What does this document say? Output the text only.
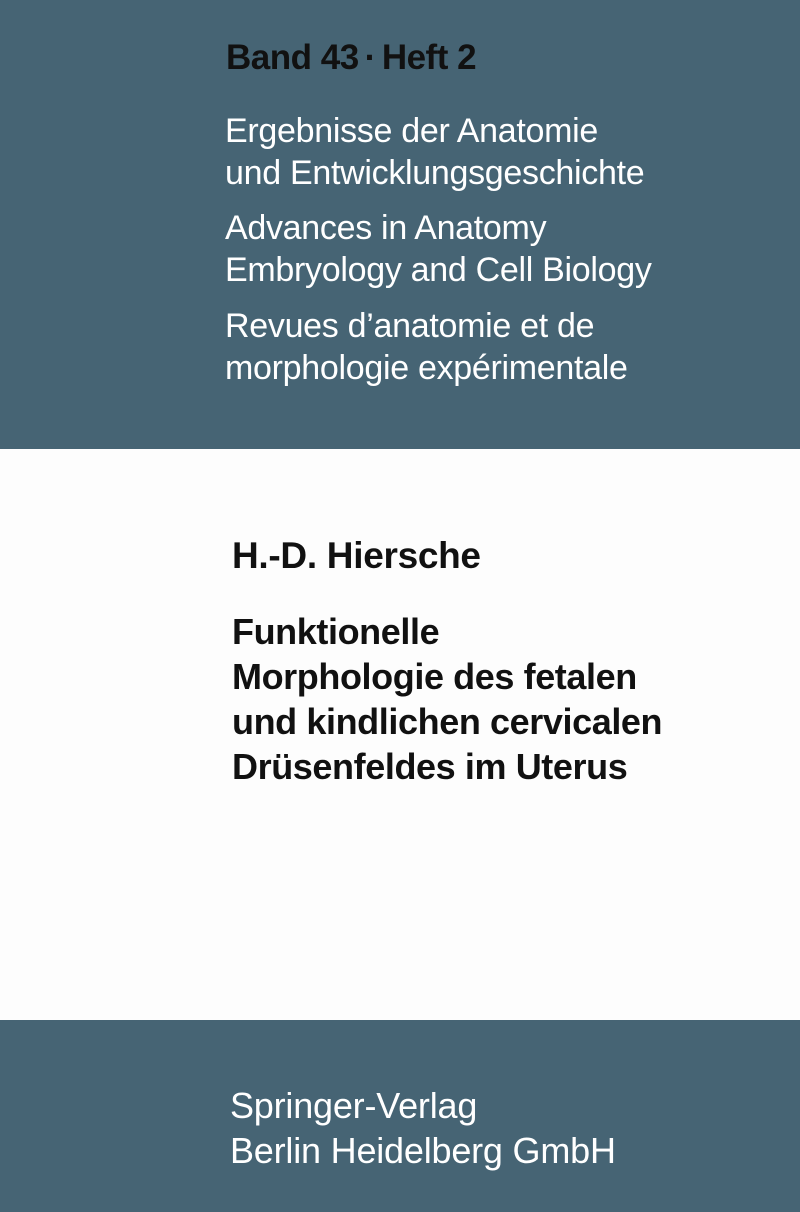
Band 43 · Heft 2
Ergebnisse der Anatomie
und Entwicklungsgeschichte
Advances in Anatomy
Embryology and Cell Biology
Revues d’anatomie et de
morphologie expérimentale
H.-D. Hiersche
Funktionelle
Morphologie des fetalen
und kindlichen cervicalen
Drüsenfeldes im Uterus
Springer-Verlag
Berlin Heidelberg GmbH
